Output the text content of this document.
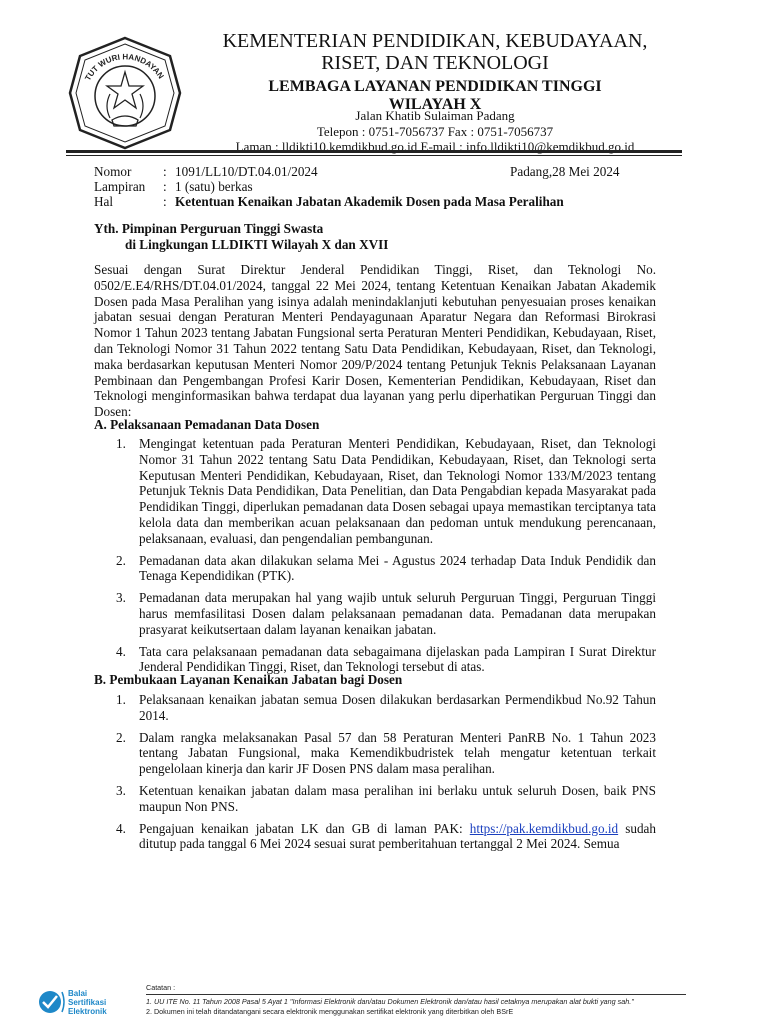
TUT WURI HANDAYAN
KEMENTERIAN PENDIDIKAN, KEBUDAYAAN,
RISET, DAN TEKNOLOGI
LEMBAGA LAYANAN PENDIDIKAN TINGGI
WILAYAH X
Jalan Khatib Sulaiman Padang
Telepon : 0751-7056737 Fax : 0751-7056737
Laman : lldikti10.kemdikbud.go.id E-mail : info.lldikti10@kemdikbud.go.id
Nomor : 1091/LL10/DT.04.01/2024
Lampiran : 1 (satu) berkas
Hal	: Ketentuan Kenaikan Jabatan Akademik Dosen pada Masa Peralihan
Padang,28 Mei 2024
Yth. Pimpinan Perguruan Tinggi Swasta
di Lingkungan LLDIKTI Wilayah X dan XVII
Sesuai dengan Surat Direktur Jenderal Pendidikan Tinggi, Riset, dan Teknologi No. 0502/E.E4/RHS/DT.04.01/2024, tanggal 22 Mei 2024, tentang Ketentuan Kenaikan Jabatan Akademik Dosen pada Masa Peralihan yang isinya adalah menindaklanjuti kebutuhan penyesuaian proses kenaikan jabatan sesuai dengan Peraturan Menteri Pendayagunaan Aparatur Negara dan Reformasi Birokrasi Nomor 1 Tahun 2023 tentang Jabatan Fungsional serta Peraturan Menteri Pendidikan, Kebudayaan, Riset, dan Teknologi Nomor 31 Tahun 2022 tentang Satu Data Pendidikan, Kebudayaan, Riset, dan Teknologi, maka berdasarkan keputusan Menteri Nomor 209/P/2024 tentang Petunjuk Teknis Pelaksanaan Layanan Pembinaan dan Pengembangan Profesi Karir Dosen, Kementerian Pendidikan, Kebudayaan, Riset dan Teknologi menginformasikan bahwa terdapat dua layanan yang perlu diperhatikan Perguruan Tinggi dan Dosen:
A. Pelaksanaan Pemadanan Data Dosen
1. Mengingat ketentuan pada Peraturan Menteri Pendidikan, Kebudayaan, Riset, dan Teknologi Nomor 31 Tahun 2022 tentang Satu Data Pendidikan, Kebudayaan, Riset, dan Teknologi serta Keputusan Menteri Pendidikan, Kebudayaan, Riset, dan Teknologi Nomor 133/M/2023 tentang Petunjuk Teknis Data Pendidikan, Data Penelitian, dan Data Pengabdian kepada Masyarakat pada Pendidikan Tinggi, diperlukan pemadanan data Dosen sebagai upaya memastikan terciptanya tata kelola data dan memberikan acuan pelaksanaan dan pedoman untuk mendukung perencanaan, pelaksanaan, evaluasi, dan pengendalian pembangunan.
2. Pemadanan data akan dilakukan selama Mei - Agustus 2024 terhadap Data Induk Pendidik dan Tenaga Kependidikan (PTK).
3. Pemadanan data merupakan hal yang wajib untuk seluruh Perguruan Tinggi, Perguruan Tinggi harus memfasilitasi Dosen dalam pelaksanaan pemadanan data. Pemadanan data merupakan prasyarat keikutsertaan dalam layanan kenaikan jabatan.
4. Tata cara pelaksanaan pemadanan data sebagaimana dijelaskan pada Lampiran I Surat Direktur Jenderal Pendidikan Tinggi, Riset, dan Teknologi tersebut di atas.
B. Pembukaan Layanan Kenaikan Jabatan bagi Dosen
1. Pelaksanaan kenaikan jabatan semua Dosen dilakukan berdasarkan Permendikbud No.92 Tahun 2014.
2. Dalam rangka melaksanakan Pasal 57 dan 58 Peraturan Menteri PanRB No. 1 Tahun 2023 tentang Jabatan Fungsional, maka Kemendikbudristek telah mengatur ketentuan terkait pengelolaan kinerja dan karir JF Dosen PNS dalam masa peralihan.
3. Ketentuan kenaikan jabatan dalam masa peralihan ini berlaku untuk seluruh Dosen, baik PNS maupun Non PNS.
4. Pengajuan kenaikan jabatan LK dan GB di laman PAK: https://pak.kemdikbud.go.id sudah ditutup pada tanggal 6 Mei 2024 sesuai surat pemberitahuan tertanggal 2 Mei 2024. Semua
Balai
Sertifikasi
Elektronik
Catatan :
1. UU ITE No. 11 Tahun 2008 Pasal 5 Ayat 1 "Informasi Elektronik dan/atau Dokumen Elektronik dan/atau hasil cetaknya merupakan alat bukti yang sah."
2. Dokumen ini telah ditandatangani secara elektronik menggunakan sertifikat elektronik yang diterbitkan oleh BSrE
